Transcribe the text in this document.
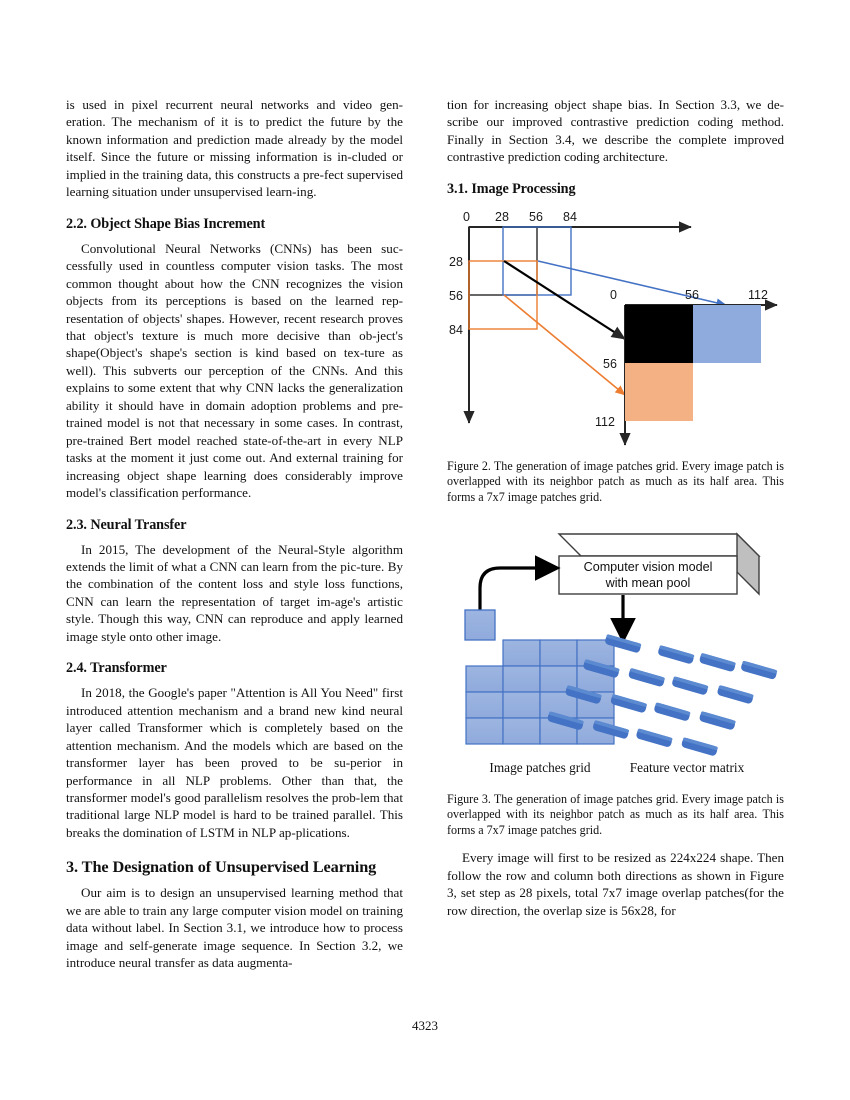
is used in pixel recurrent neural networks and video gen-eration. The mechanism of it is to predict the future by the known information and prediction made already by the model itself. Since the future or missing information is in-cluded or implied in the training data, this constructs a pre-fect supervised learning situation under unsupervised learn-ing.

2.2. Object Shape Bias Increment

Convolutional Neural Networks (CNNs) has been suc-cessfully used in countless computer vision tasks. The most common thought about how the CNN recognizes the vision objects from its perceptions is based on the learned rep-resentation of objects' shapes. However, recent research proves that object's texture is much more decisive than ob-ject's shape(Object's shape's section is kind based on tex-ture as well). This subverts our perception of the CNNs. And this explains to some extent that why CNN lacks the generalization ability it should have in domain adoption problems and pre-trained model is not that necessary in some cases. In contrast, pre-trained Bert model reached state-of-the-art in every NLP tasks at the moment it just come out. And external training for increasing object shape learning does considerably improve model's classification performance.

2.3. Neural Transfer

In 2015, The development of the Neural-Style algorithm extends the limit of what a CNN can learn from the pic-ture. By the combination of the content loss and style loss functions, CNN can learn the representation of target im-age's artistic style. Though this way, CNN can reproduce and apply learned image style onto other image.

2.4. Transformer

In 2018, the Google's paper "Attention is All You Need" first introduced attention mechanism and a brand new kind neural layer called Transformer which is completely based on the attention mechanism. And the models which are based on the transformer layer has been proved to be su-perior in performance in all NLP problems. Other than that, the transformer model's good parallelism resolves the prob-lem that traditional large NLP model is hard to be trained parallel. This breaks the domination of LSTM in NLP ap-plications.

3. The Designation of Unsupervised Learning

Our aim is to design an unsupervised learning method that we are able to train any large computer vision model on training data without label. In Section 3.1, we introduce how to process image and self-generate image sequence. In Section 3.2, we introduce neural transfer as data augmenta-

tion for increasing object shape bias. In Section 3.3, we de-scribe our improved contrastive prediction coding method. Finally in Section 3.4, we describe the complete improved contrastive prediction coding architecture.

3.1. Image Processing
0 28 56 84
28
56
84
0	56	112
56
112

Figure 2. The generation of image patches grid. Every image patch is overlapped with its neighbor patch as much as its half area. This forms a 7x7 image patches grid.

Computer vision model
with mean pool
Image patches grid	Feature vector matrix

Figure 3. The generation of image patches grid. Every image patch is overlapped with its neighbor patch as much as its half area. This forms a 7x7 image patches grid.

Every image will first to be resized as 224x224 shape. Then follow the row and column both directions as shown in Figure 3, set step as 28 pixels, total 7x7 image overlap patches(for the row direction, the overlap size is 56x28, for

4323
